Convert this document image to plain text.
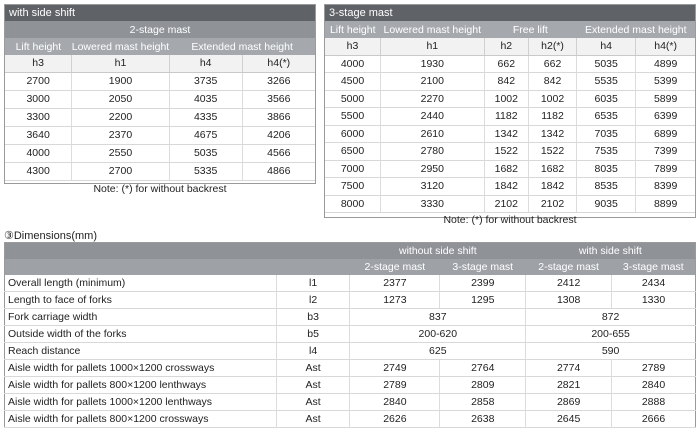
with side shift
2-stage mast			
Lift height	Lowered mast height	Extended mast height	
h3	h1	h4	h4(*)
2700	1900	3735	3266
3000	2050	4035	3566
3300	2200	4335	3866
3640	2370	4675	4206
4000	2550	5035	4566
4300	2700	5335	4866
Note: (*) for without backrest			
3-stage mast
Lift height	Lowered mast height	Free lift		Extended mast height	
h3	h1	h2	h2(*)	h4	h4(*)
4000	1930	662	662	5035	4899
4500	2100	842	842	5535	5399
5000	2270	1002	1002	6035	5899
5500	2440	1182	1182	6535	6399
6000	2610	1342	1342	7035	6899
6500	2780	1522	1522	7535	7399
7000	2950	1682	1682	8035	7899
7500	3120	1842	1842	8535	8399
8000	3330	2102	2102	9035	8899
Note: (*) for without backrest					
③Dimensions(mm)
		without side shift		with side shift	
		2-stage mast	3-stage mast	2-stage mast	3-stage mast
Overall length (minimum)	l1	2377	2399	2412	2434
Length to face of forks	l2	1273	1295	1308	1330
Fork carriage width	b3	837		872	
Outside width of the forks	b5	200-620		200-655	
Reach distance	l4	625		590	
Aisle width for pallets 1000×1200 crossways	Ast	2749	2764	2774	2789
Aisle width for pallets 800×1200 lenthways	Ast	2789	2809	2821	2840
Aisle width for pallets 1000×1200 lenthways	Ast	2840	2858	2869	2888
Aisle width for pallets 800×1200 crossways	Ast	2626	2638	2645	2666
